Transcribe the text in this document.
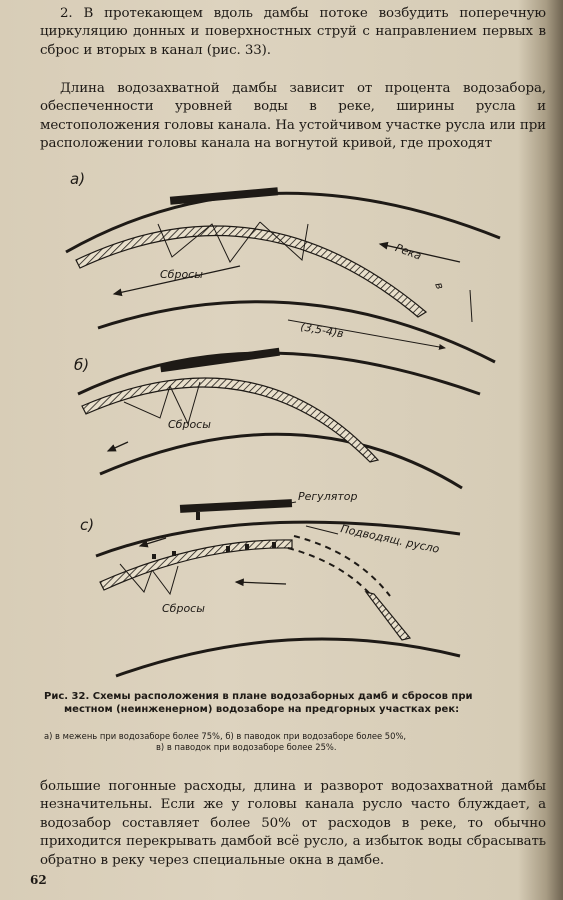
2. В протекающем вдоль дамбы потоке возбудить поперечную циркуляцию донных и поверхностных струй с направлением первых в сброс и вторых в канал (рис. 33).
Длина водозахватной дамбы зависит от процента водозабора, обеспеченности уровней воды в реке, ширины русла и местоположения головы канала. На устойчивом участке русла или при расположении головы канала на вогнутой кривой, где проходят
а)
Сбросы
Река
в
(3,5-4)в
б)
Сбросы
с)
Регулятор
Подводящ. русло
Сбросы
Рис. 32. Схемы расположения в плане водозаборных дамб и сбросов при
местном (неинженерном) водозаборе на предгорных участках рек:
а) в межень при водозаборе более 75%, б) в паводок при водозаборе более 50%,
в) в паводок при водозаборе более 25%.
большие погонные расходы, длина и разворот водозахватной дамбы незначительны. Если же у головы канала русло часто блуждает, а водозабор составляет более 50% от расходов в реке, то обычно приходится перекрывать дамбой всё русло, а избыток воды сбрасывать обратно в реку через специальные окна в дамбе.
62
